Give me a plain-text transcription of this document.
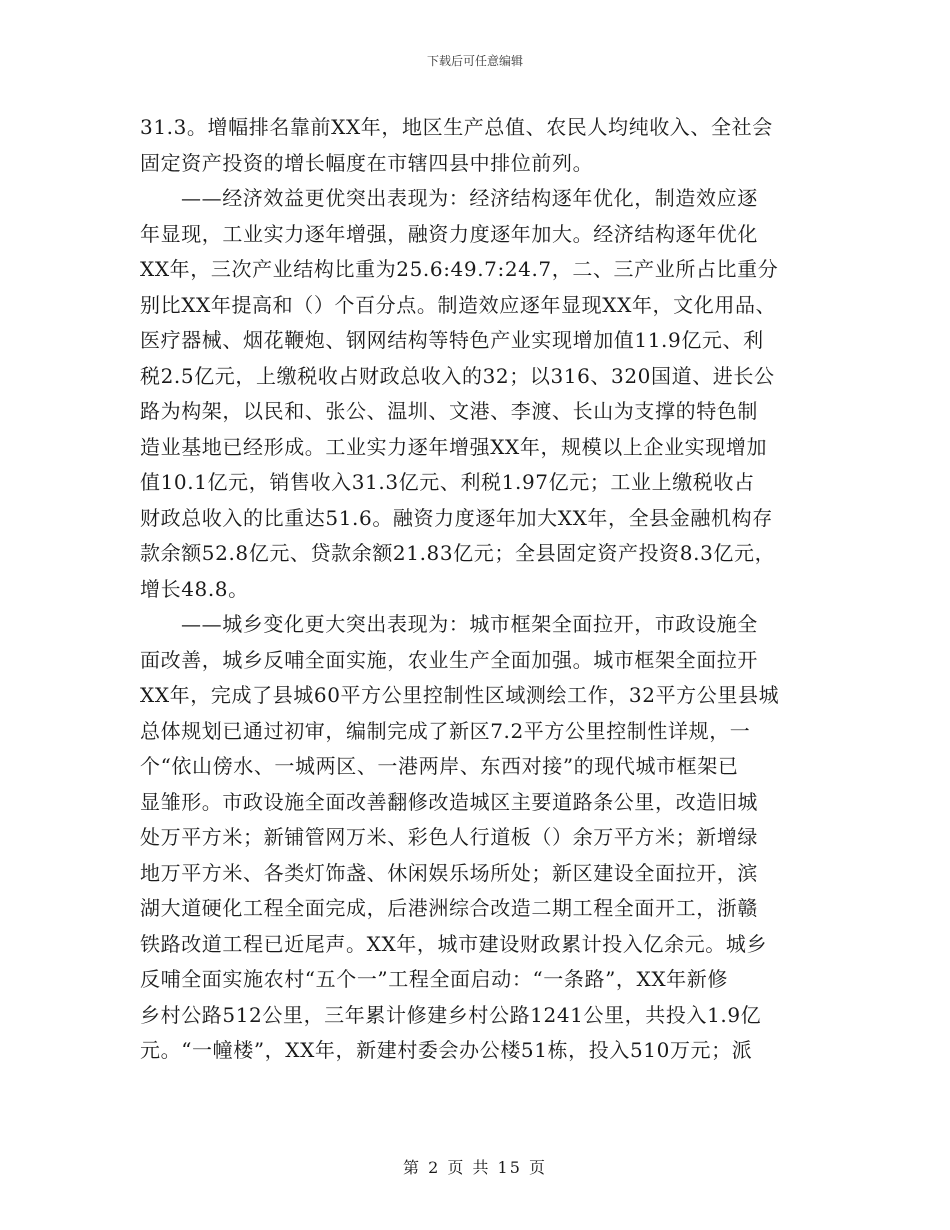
下载后可任意编辑
31.3。增幅排名靠前XX年，地区生产总值、农民人均纯收入、全社会
固定资产投资的增长幅度在市辖四县中排位前列。
——经济效益更优突出表现为：经济结构逐年优化，制造效应逐
年显现，工业实力逐年增强，融资力度逐年加大。经济结构逐年优化
XX年，三次产业结构比重为25.6:49.7:24.7，二、三产业所占比重分
别比XX年提高和（）个百分点。制造效应逐年显现XX年，文化用品、
医疗器械、烟花鞭炮、钢网结构等特色产业实现增加值11.9亿元、利
税2.5亿元，上缴税收占财政总收入的32；以316、320国道、进长公
路为构架，以民和、张公、温圳、文港、李渡、长山为支撑的特色制
造业基地已经形成。工业实力逐年增强XX年，规模以上企业实现增加
值10.1亿元，销售收入31.3亿元、利税1.97亿元；工业上缴税收占
财政总收入的比重达51.6。融资力度逐年加大XX年，全县金融机构存
款余额52.8亿元、贷款余额21.83亿元；全县固定资产投资8.3亿元，
增长48.8。
——城乡变化更大突出表现为：城市框架全面拉开，市政设施全
面改善，城乡反哺全面实施，农业生产全面加强。城市框架全面拉开
XX年，完成了县城60平方公里控制性区域测绘工作，32平方公里县城
总体规划已通过初审，编制完成了新区7.2平方公里控制性详规，一
个“依山傍水、一城两区、一港两岸、东西对接”的现代城市框架已
显雏形。市政设施全面改善翻修改造城区主要道路条公里，改造旧城
处万平方米；新铺管网万米、彩色人行道板（）余万平方米；新增绿
地万平方米、各类灯饰盏、休闲娱乐场所处；新区建设全面拉开，滨
湖大道硬化工程全面完成，后港洲综合改造二期工程全面开工，浙赣
铁路改道工程已近尾声。XX年，城市建设财政累计投入亿余元。城乡
反哺全面实施农村“五个一”工程全面启动：“一条路”，XX年新修
乡村公路512公里，三年累计修建乡村公路1241公里，共投入1.9亿
元。“一幢楼”，XX年，新建村委会办公楼51栋，投入510万元；派
第 2 页 共 15 页
